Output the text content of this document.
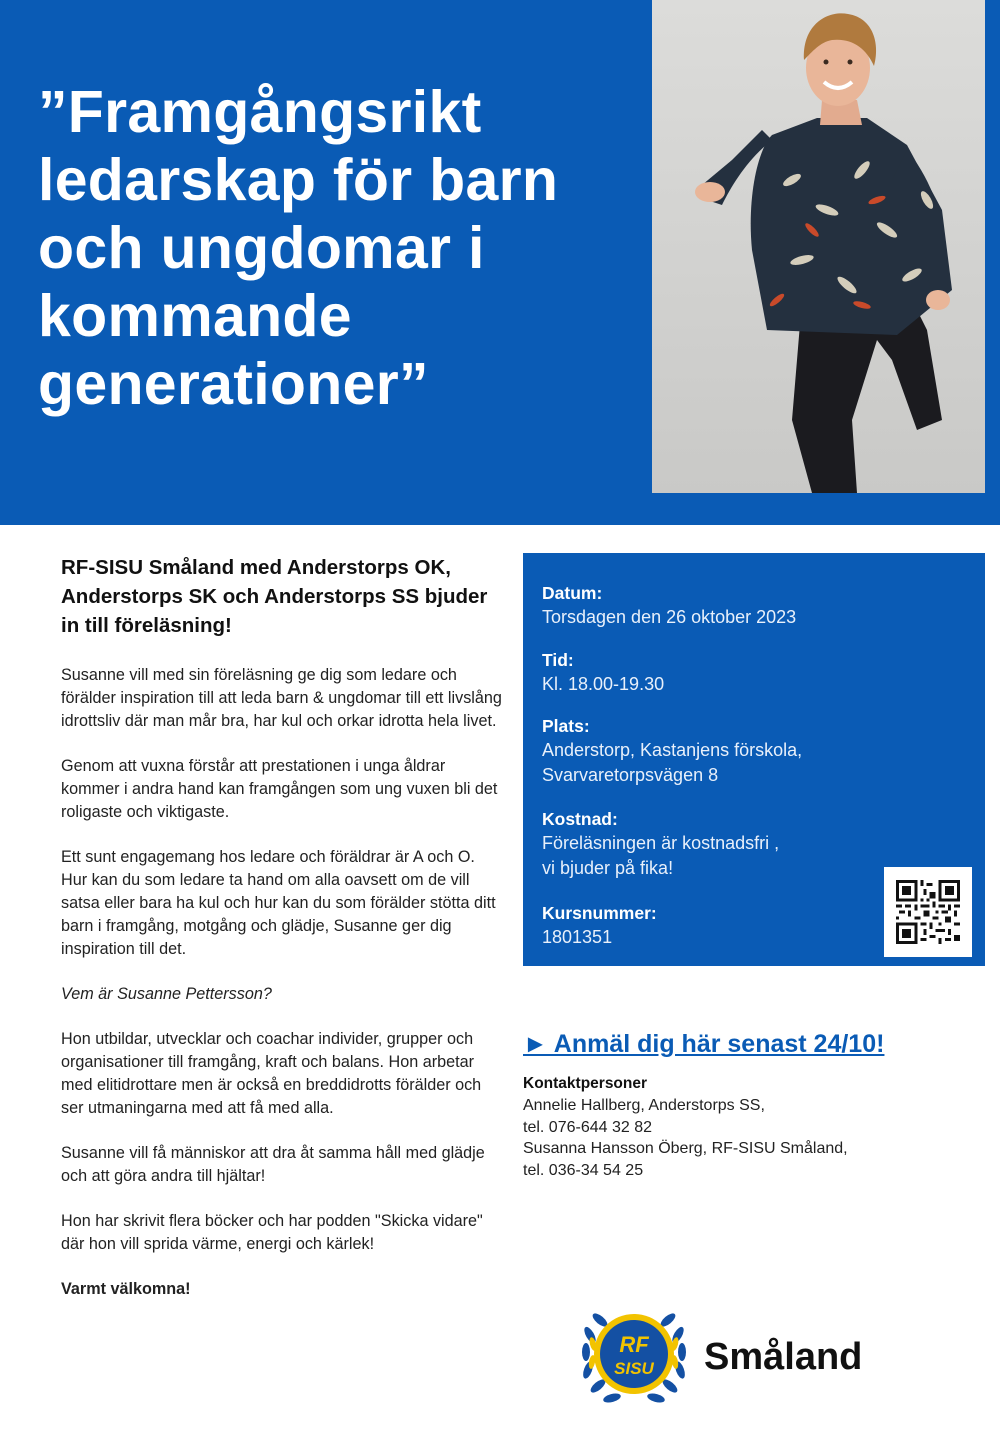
”Framgångsrikt ledarskap för barn och ungdomar i kommande generationer”

RF-SISU Småland med Anderstorps OK, Anderstorps SK och Anderstorps SS bjuder in till föreläsning!

Susanne vill med sin föreläsning ge dig som ledare och förälder inspiration till att leda barn & ungdomar till ett livslång idrottsliv där man mår bra, har kul och orkar idrotta hela livet.

Genom att vuxna förstår att prestationen i unga åldrar kommer i andra hand kan framgången som ung vuxen bli det roligaste och viktigaste.

Ett sunt engagemang hos ledare och föräldrar är A och O.

Hur kan du som ledare ta hand om alla oavsett om de vill satsa eller bara ha kul och hur kan du som förälder stötta ditt barn i framgång, motgång och glädje, Susanne ger dig inspiration till det.

Vem är Susanne Pettersson?

Hon utbildar, utvecklar och coachar individer, grupper och organisationer till framgång, kraft och balans. Hon arbetar med elitidrottare men är också en breddidrotts förälder och ser utmaningarna med att få med alla.

Susanne vill få människor att dra åt samma håll med glädje och att göra andra till hjältar!

Hon har skrivit flera böcker och har podden "Skicka vidare" där hon vill sprida värme, energi och kärlek!

Varmt välkomna!

Datum:
Torsdagen den 26 oktober 2023
Tid:
Kl. 18.00-19.30
Plats:
Anderstorp, Kastanjens förskola,
Svarvaretorpsvägen 8
Kostnad:
Föreläsningen är kostnadsfri ,
vi bjuder på fika!
Kursnummer:
1801351
► Anmäl dig här senast 24/10!
Kontaktpersoner
Annelie Hallberg, Anderstorps SS,
tel. 076-644 32 82
Susanna Hansson Öberg, RF-SISU Småland,
tel. 036-34 54 25
RF
SISU Småland
